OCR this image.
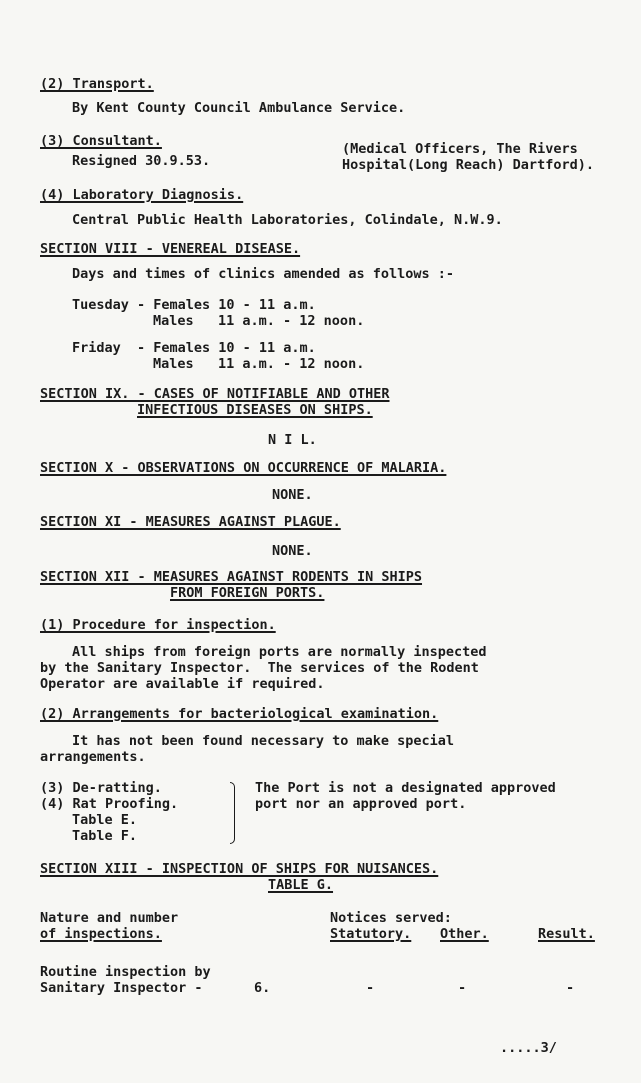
(2) Transport.
By Kent County Council Ambulance Service.
(3) Consultant.	(Medical Officers, The Rivers
Resigned 30.9.53.	Hospital(Long Reach) Dartford).
(4) Laboratory Diagnosis.
Central Public Health Laboratories, Colindale, N.W.9.
SECTION VIII - VENEREAL DISEASE.
Days and times of clinics amended as follows :-
Tuesday - Females 10 - 11 a.m.
Males   11 a.m. - 12 noon.
Friday - Females 10 - 11 a.m.
Males   11 a.m. - 12 noon.
SECTION IX. - CASES OF NOTIFIABLE AND OTHER
INFECTIOUS DISEASES ON SHIPS.
N I L.
SECTION X - OBSERVATIONS ON OCCURRENCE OF MALARIA.
NONE.
SECTION XI - MEASURES AGAINST PLAGUE.
NONE.
SECTION XII - MEASURES AGAINST RODENTS IN SHIPS
FROM FOREIGN PORTS.
(1) Procedure for inspection.
All ships from foreign ports are normally inspected
by the Sanitary Inspector.  The services of the Rodent
Operator are available if required.
(2) Arrangements for bacteriological examination.
It has not been found necessary to make special
arrangements.
(3) De-ratting.
(4) Rat Proofing.
Table E.
Table F.
The Port is not a designated approved
port nor an approved port.
SECTION XIII - INSPECTION OF SHIPS FOR NUISANCES.
TABLE G.
Nature and number
of inspections.
Notices served:
Statutory. Other.	Result.
Routine inspection by
Sanitary Inspector -	6.	-	-	-
.....3/
